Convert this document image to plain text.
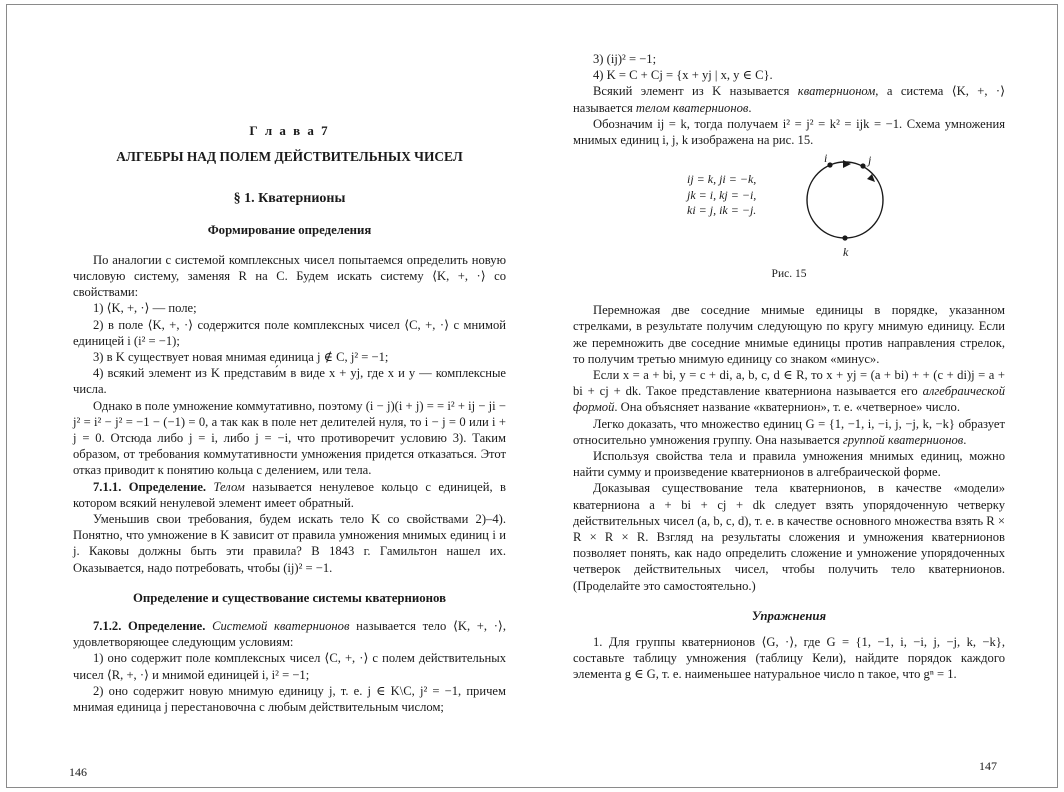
Г л а в а 7

АЛГЕБРЫ НАД ПОЛЕМ ДЕЙСТВИТЕЛЬНЫХ ЧИСЕЛ

§ 1. Кватернионы

Формирование определения

По аналогии с системой комплексных чисел попытаемся определить новую числовую систему, заменяя R на C. Будем искать систему ⟨K, +, ·⟩ со свойствами:

1) ⟨K, +, ·⟩ — поле;

2) в поле ⟨K, +, ·⟩ содержится поле комплексных чисел ⟨C, +, ·⟩ с мнимой единицей i (i² = −1);

3) в K существует новая мнимая единица j ∉ C, j² = −1;

4) всякий элемент из K представи́м в виде x + yj, где x и y — комплексные числа.

Однако в поле умножение коммутативно, поэтому (i − j)(i + j) = = i² + ij − ji − j² = i² − j² = −1 − (−1) = 0, а так как в поле нет делителей нуля, то i − j = 0 или i + j = 0. Отсюда либо j = i, либо j = −i, что противоречит условию 3). Таким образом, от требования коммутативности умножения придется отказаться. Этот отказ приводит к понятию кольца с делением, или тела.

7.1.1. Определение. Телом называется ненулевое кольцо с единицей, в котором всякий ненулевой элемент имеет обратный.

Уменьшив свои требования, будем искать тело K со свойствами 2)–4). Понятно, что умножение в K зависит от правила умножения мнимых единиц i и j. Каковы должны быть эти правила? В 1843 г. Гамильтон нашел их. Оказывается, надо потребовать, чтобы (ij)² = −1.

Определение и существование системы кватернионов

7.1.2. Определение. Системой кватернионов называется тело ⟨K, +, ·⟩, удовлетворяющее следующим условиям:

1) оно содержит поле комплексных чисел ⟨C, +, ·⟩ с полем действительных чисел ⟨R, +, ·⟩ и мнимой единицей i, i² = −1;

2) оно содержит новую мнимую единицу j, т. е. j ∈ K\C, j² = −1, причем мнимая единица j перестановочна с любым действительным числом;

146

3) (ij)² = −1;

4) K = C + Cj = {x + yj | x, y ∈ C}.

Всякий элемент из K называется кватернионом, а система ⟨K, +, ·⟩ называется телом кватернионов.

Обозначим ij = k, тогда получаем i² = j² = k² = ijk = −1. Схема умножения мнимых единиц i, j, k изображена на рис. 15.

ij = k, ji = −k,
jk = i, kj = −i,
ki = j, ik = −j.
i	j
k
Рис. 15

Перемножая две соседние мнимые единицы в порядке, указанном стрелками, в результате получим следующую по кругу мнимую единицу. Если же перемножить две соседние мнимые единицы против направления стрелок, то получим третью мнимую единицу со знаком «минус».

Если x = a + bi, y = c + di, a, b, c, d ∈ R, то x + yj = (a + bi) + + (c + di)j = a + bi + cj + dk. Такое представление кватерниона называется его алгебраической формой. Она объясняет название «кватернион», т. е. «четверное» число.

Легко доказать, что множество единиц G = {1, −1, i, −i, j, −j, k, −k} образует относительно умножения группу. Она называется группой кватернионов.

Используя свойства тела и правила умножения мнимых единиц, можно найти сумму и произведение кватернионов в алгебраической форме.

Доказывая существование тела кватернионов, в качестве «модели» кватерниона a + bi + cj + dk следует взять упорядоченную четверку действительных чисел (a, b, c, d), т. е. в качестве основного множества взять R × R × R × R. Взгляд на результаты сложения и умножения кватернионов позволяет понять, как надо определить сложение и умножение упорядоченных четверок действительных чисел, чтобы получить тело кватернионов. (Проделайте это самостоятельно.)

Упражнения

1. Для группы кватернионов ⟨G, ·⟩, где G = {1, −1, i, −i, j, −j, k, −k}, составьте таблицу умножения (таблицу Кели), найдите порядок каждого элемента g ∈ G, т. е. наименьшее натуральное число n такое, что gⁿ = 1.

147
